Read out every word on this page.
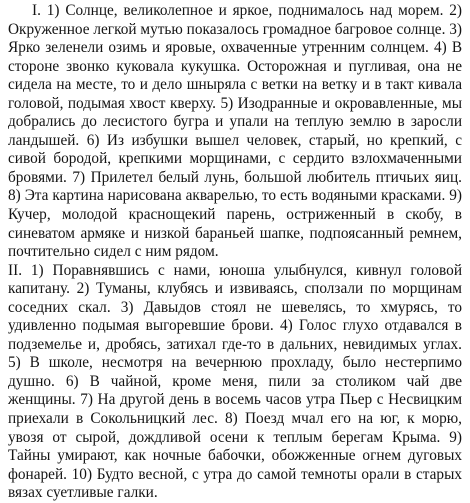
I. 1) Солнце, великолепное и яркое, поднималось над морем. 2) Окруженное легкой мутью показалось громадное багровое солнце. 3) Ярко зеленели озимь и яровые, охваченные утренним солнцем. 4) В стороне звонко куковала кукушка. Осторожная и пугливая, она не сидела на месте, то и дело шныряла с ветки на ветку и в такт кивала головой, подымая хвост кверху. 5) Изодранные и окровавленные, мы добрались до лесистого бугра и упали на теплую землю в заросли ландышей. 6) Из избушки вышел человек, старый, но крепкий, с сивой бородой, крепкими морщинами, с сердито взлохмаченными бровями. 7) Прилетел белый лунь, большой любитель птичьих яиц. 8) Эта картина нарисована акварелью, то есть водяными красками. 9) Кучер, молодой краснощекий парень, остриженный в скобу, в синеватом армяке и низкой бараньей шапке, подпоясанный ремнем, почтительно сидел с ним рядом.

II. 1) Поравнявшись с нами, юноша улыбнулся, кивнул головой капитану. 2) Туманы, клубясь и извиваясь, сползали по морщинам соседних скал. 3) Давыдов стоял не шевелясь, то хмурясь, то удивленно подымая выгоревшие брови. 4) Голос глухо отдавался в подземелье и, дробясь, затихал где-то в дальних, невидимых углах. 5) В школе, несмотря на вечернюю прохладу, было нестерпимо душно. 6) В чайной, кроме меня, пили за столиком чай две женщины. 7) На другой день в восемь часов утра Пьер с Несвицким приехали в Сокольницкий лес. 8) Поезд мчал его на юг, к морю, увозя от сырой, дождливой осени к теплым берегам Крыма. 9) Тайны умирают, как ночные бабочки, обожженные огнем дуговых фонарей. 10) Будто весной, с утра до самой темноты орали в старых вязах суетливые галки.
